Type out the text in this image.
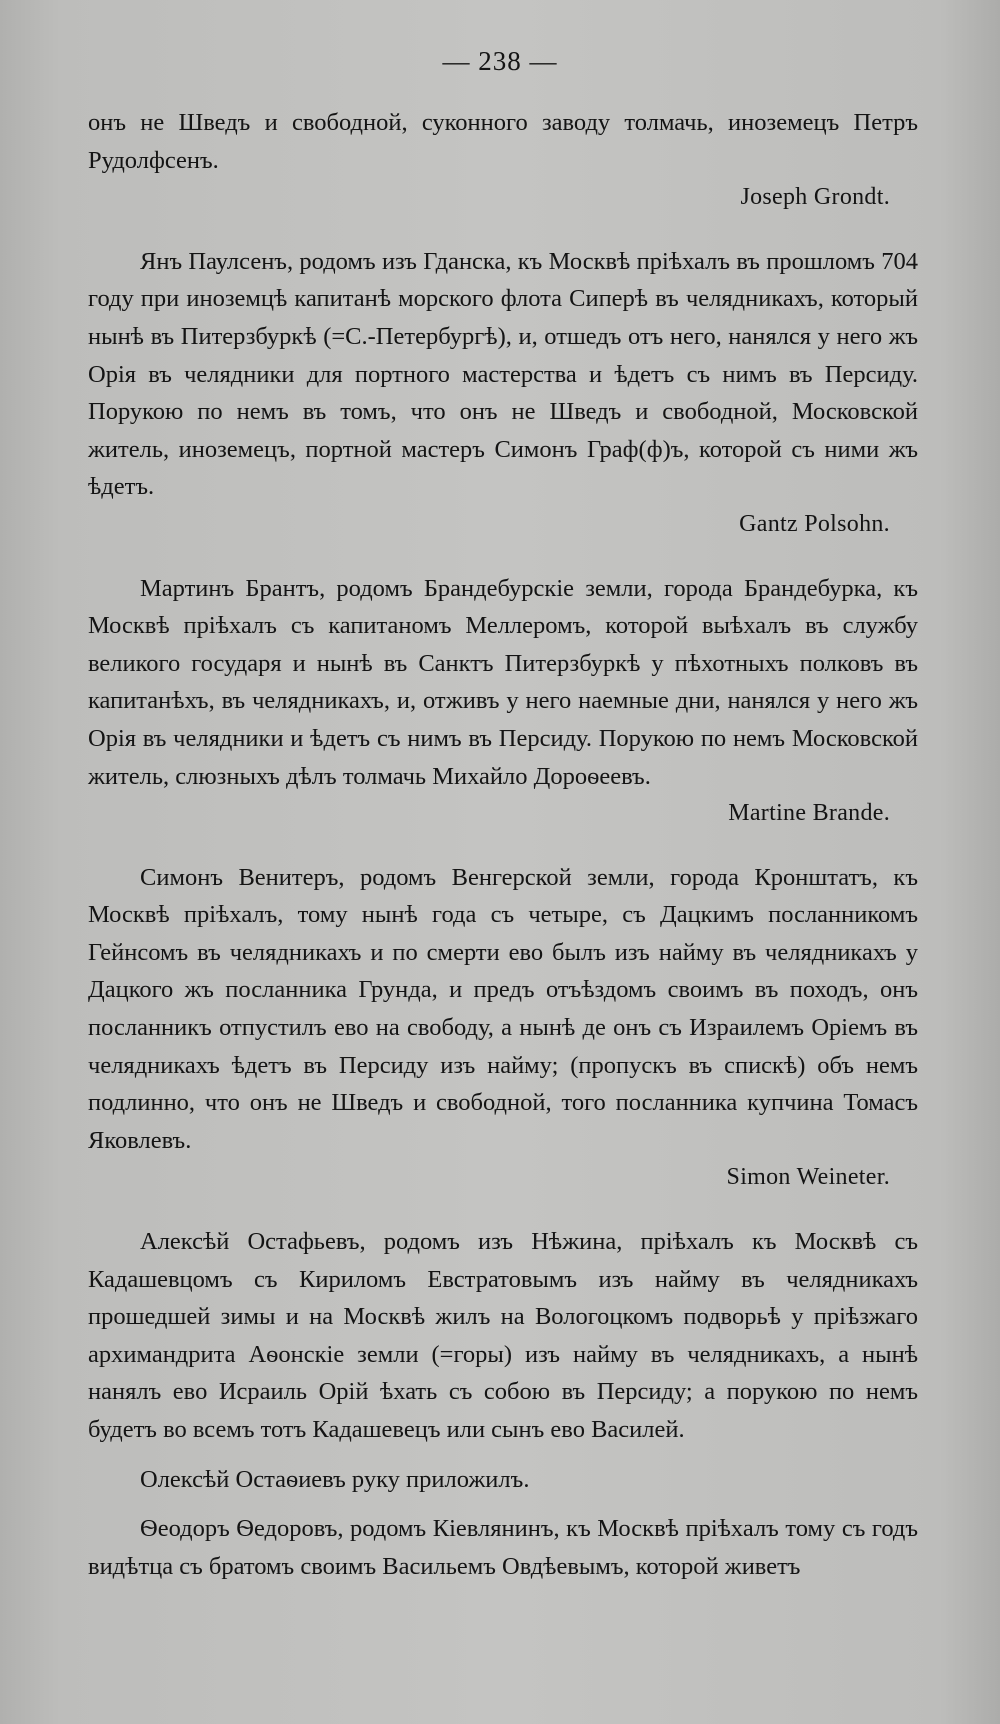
— 238 —

онъ не Шведъ и свободной, суконного заводу толмачь, иноземецъ Петръ Рудолфсенъ.

Joseph Grondt.

Янъ Паулсенъ, родомъ изъ Гданска, къ Москвѣ пріѣхалъ въ прошломъ 704 году при иноземцѣ капитанѣ морского флота Сиперѣ въ челядникахъ, который нынѣ въ Питерзбуркѣ (=С.-Петербургѣ), и, отшедъ отъ него, нанялся у него жъ Орія въ челядники для портного мастерства и ѣдетъ съ нимъ въ Персиду. Порукою по немъ въ томъ, что онъ не Шведъ и свободной, Московской житель, иноземецъ, портной мастеръ Симонъ Граф(ф)ъ, которой съ ними жъ ѣдетъ.

Gantz Polsohn.

Мартинъ Брантъ, родомъ Брандебурскіе земли, города Брандебурка, къ Москвѣ пріѣхалъ съ капитаномъ Меллеромъ, которой выѣхалъ въ службу великого государя и нынѣ въ Санктъ Питерзбуркѣ у пѣхотныхъ полковъ въ капитанѣхъ, въ челядникахъ, и, отживъ у него наемные дни, нанялся у него жъ Орія въ челядники и ѣдетъ съ нимъ въ Персиду. Порукою по немъ Московской житель, слюзныхъ дѣлъ толмачь Михайло Дороѳеевъ.

Martine Brande.

Симонъ Венитеръ, родомъ Венгерской земли, города Кронштатъ, къ Москвѣ пріѣхалъ, тому нынѣ года съ четыре, съ Дацкимъ посланникомъ Гейнсомъ въ челядникахъ и по смерти ево былъ изъ найму въ челядникахъ у Дацкого жъ посланника Грунда, и предъ отъѣздомъ своимъ въ походъ, онъ посланникъ отпустилъ ево на свободу, а нынѣ де онъ съ Израилемъ Оріемъ въ челядникахъ ѣдетъ въ Персиду изъ найму; (пропускъ въ спискѣ) объ немъ подлинно, что онъ не Шведъ и свободной, того посланника купчина Томасъ Яковлевъ.

Simon Weineter.

Алексѣй Остафьевъ, родомъ изъ Нѣжина, пріѣхалъ къ Москвѣ съ Кадашевцомъ съ Кириломъ Евстратовымъ изъ найму въ челядникахъ прошедшей зимы и на Москвѣ жилъ на Вологоцкомъ подворьѣ у пріѣзжаго архимандрита Аѳонскіе земли (=горы) изъ найму въ челядникахъ, а нынѣ нанялъ ево Исраиль Орій ѣхать съ собою въ Персиду; а порукою по немъ будетъ во всемъ тотъ Кадашевецъ или сынъ ево Василей.

Олексѣй Остаѳиевъ руку приложилъ.

Ѳеодоръ Ѳедоровъ, родомъ Кіевлянинъ, къ Москвѣ пріѣхалъ тому съ годъ видѣтца съ братомъ своимъ Васильемъ Овдѣевымъ, которой живетъ
